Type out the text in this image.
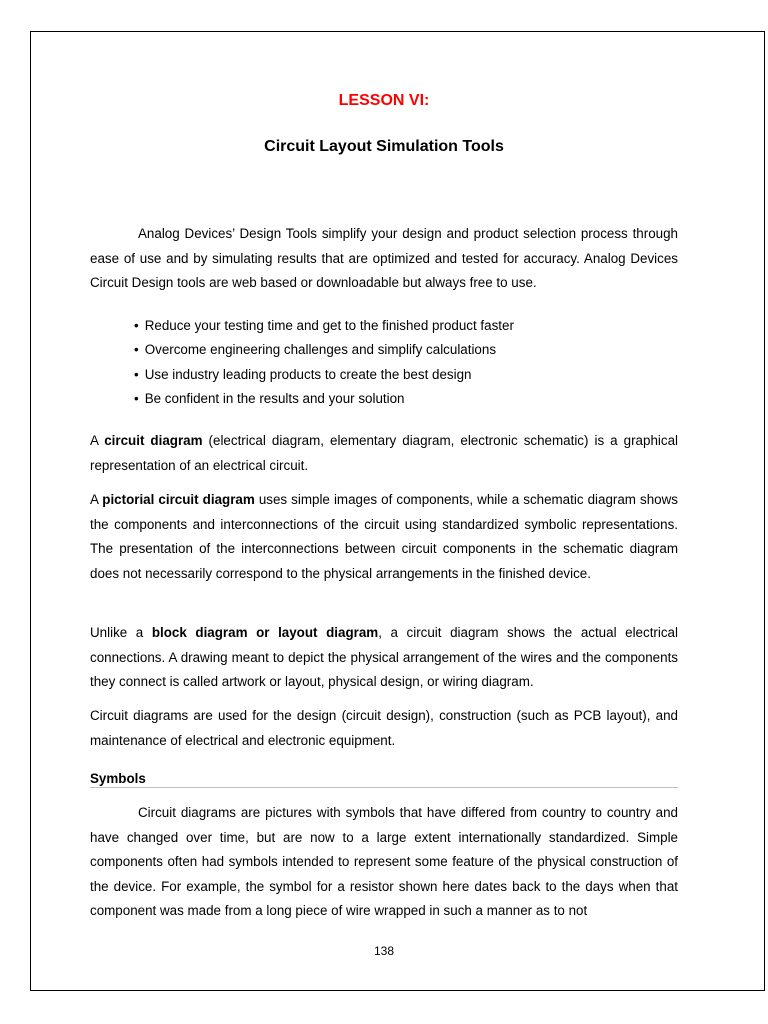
LESSON VI:
Circuit Layout Simulation Tools

Analog Devices’ Design Tools simplify your design and product selection process through ease of use and by simulating results that are optimized and tested for accuracy. Analog Devices Circuit Design tools are web based or downloadable but always free to use.

• Reduce your testing time and get to the finished product faster
• Overcome engineering challenges and simplify calculations
• Use industry leading products to create the best design
• Be confident in the results and your solution

A circuit diagram (electrical diagram, elementary diagram, electronic schematic) is a graphical representation of an electrical circuit.

A pictorial circuit diagram uses simple images of components, while a schematic diagram shows the components and interconnections of the circuit using standardized symbolic representations. The presentation of the interconnections between circuit components in the schematic diagram does not necessarily correspond to the physical arrangements in the finished device.

Unlike a block diagram or layout diagram, a circuit diagram shows the actual electrical connections. A drawing meant to depict the physical arrangement of the wires and the components they connect is called artwork or layout, physical design, or wiring diagram.

Circuit diagrams are used for the design (circuit design), construction (such as PCB layout), and maintenance of electrical and electronic equipment.

Symbols

Circuit diagrams are pictures with symbols that have differed from country to country and have changed over time, but are now to a large extent internationally standardized. Simple components often had symbols intended to represent some feature of the physical construction of the device. For example, the symbol for a resistor shown here dates back to the days when that component was made from a long piece of wire wrapped in such a manner as to not

138
